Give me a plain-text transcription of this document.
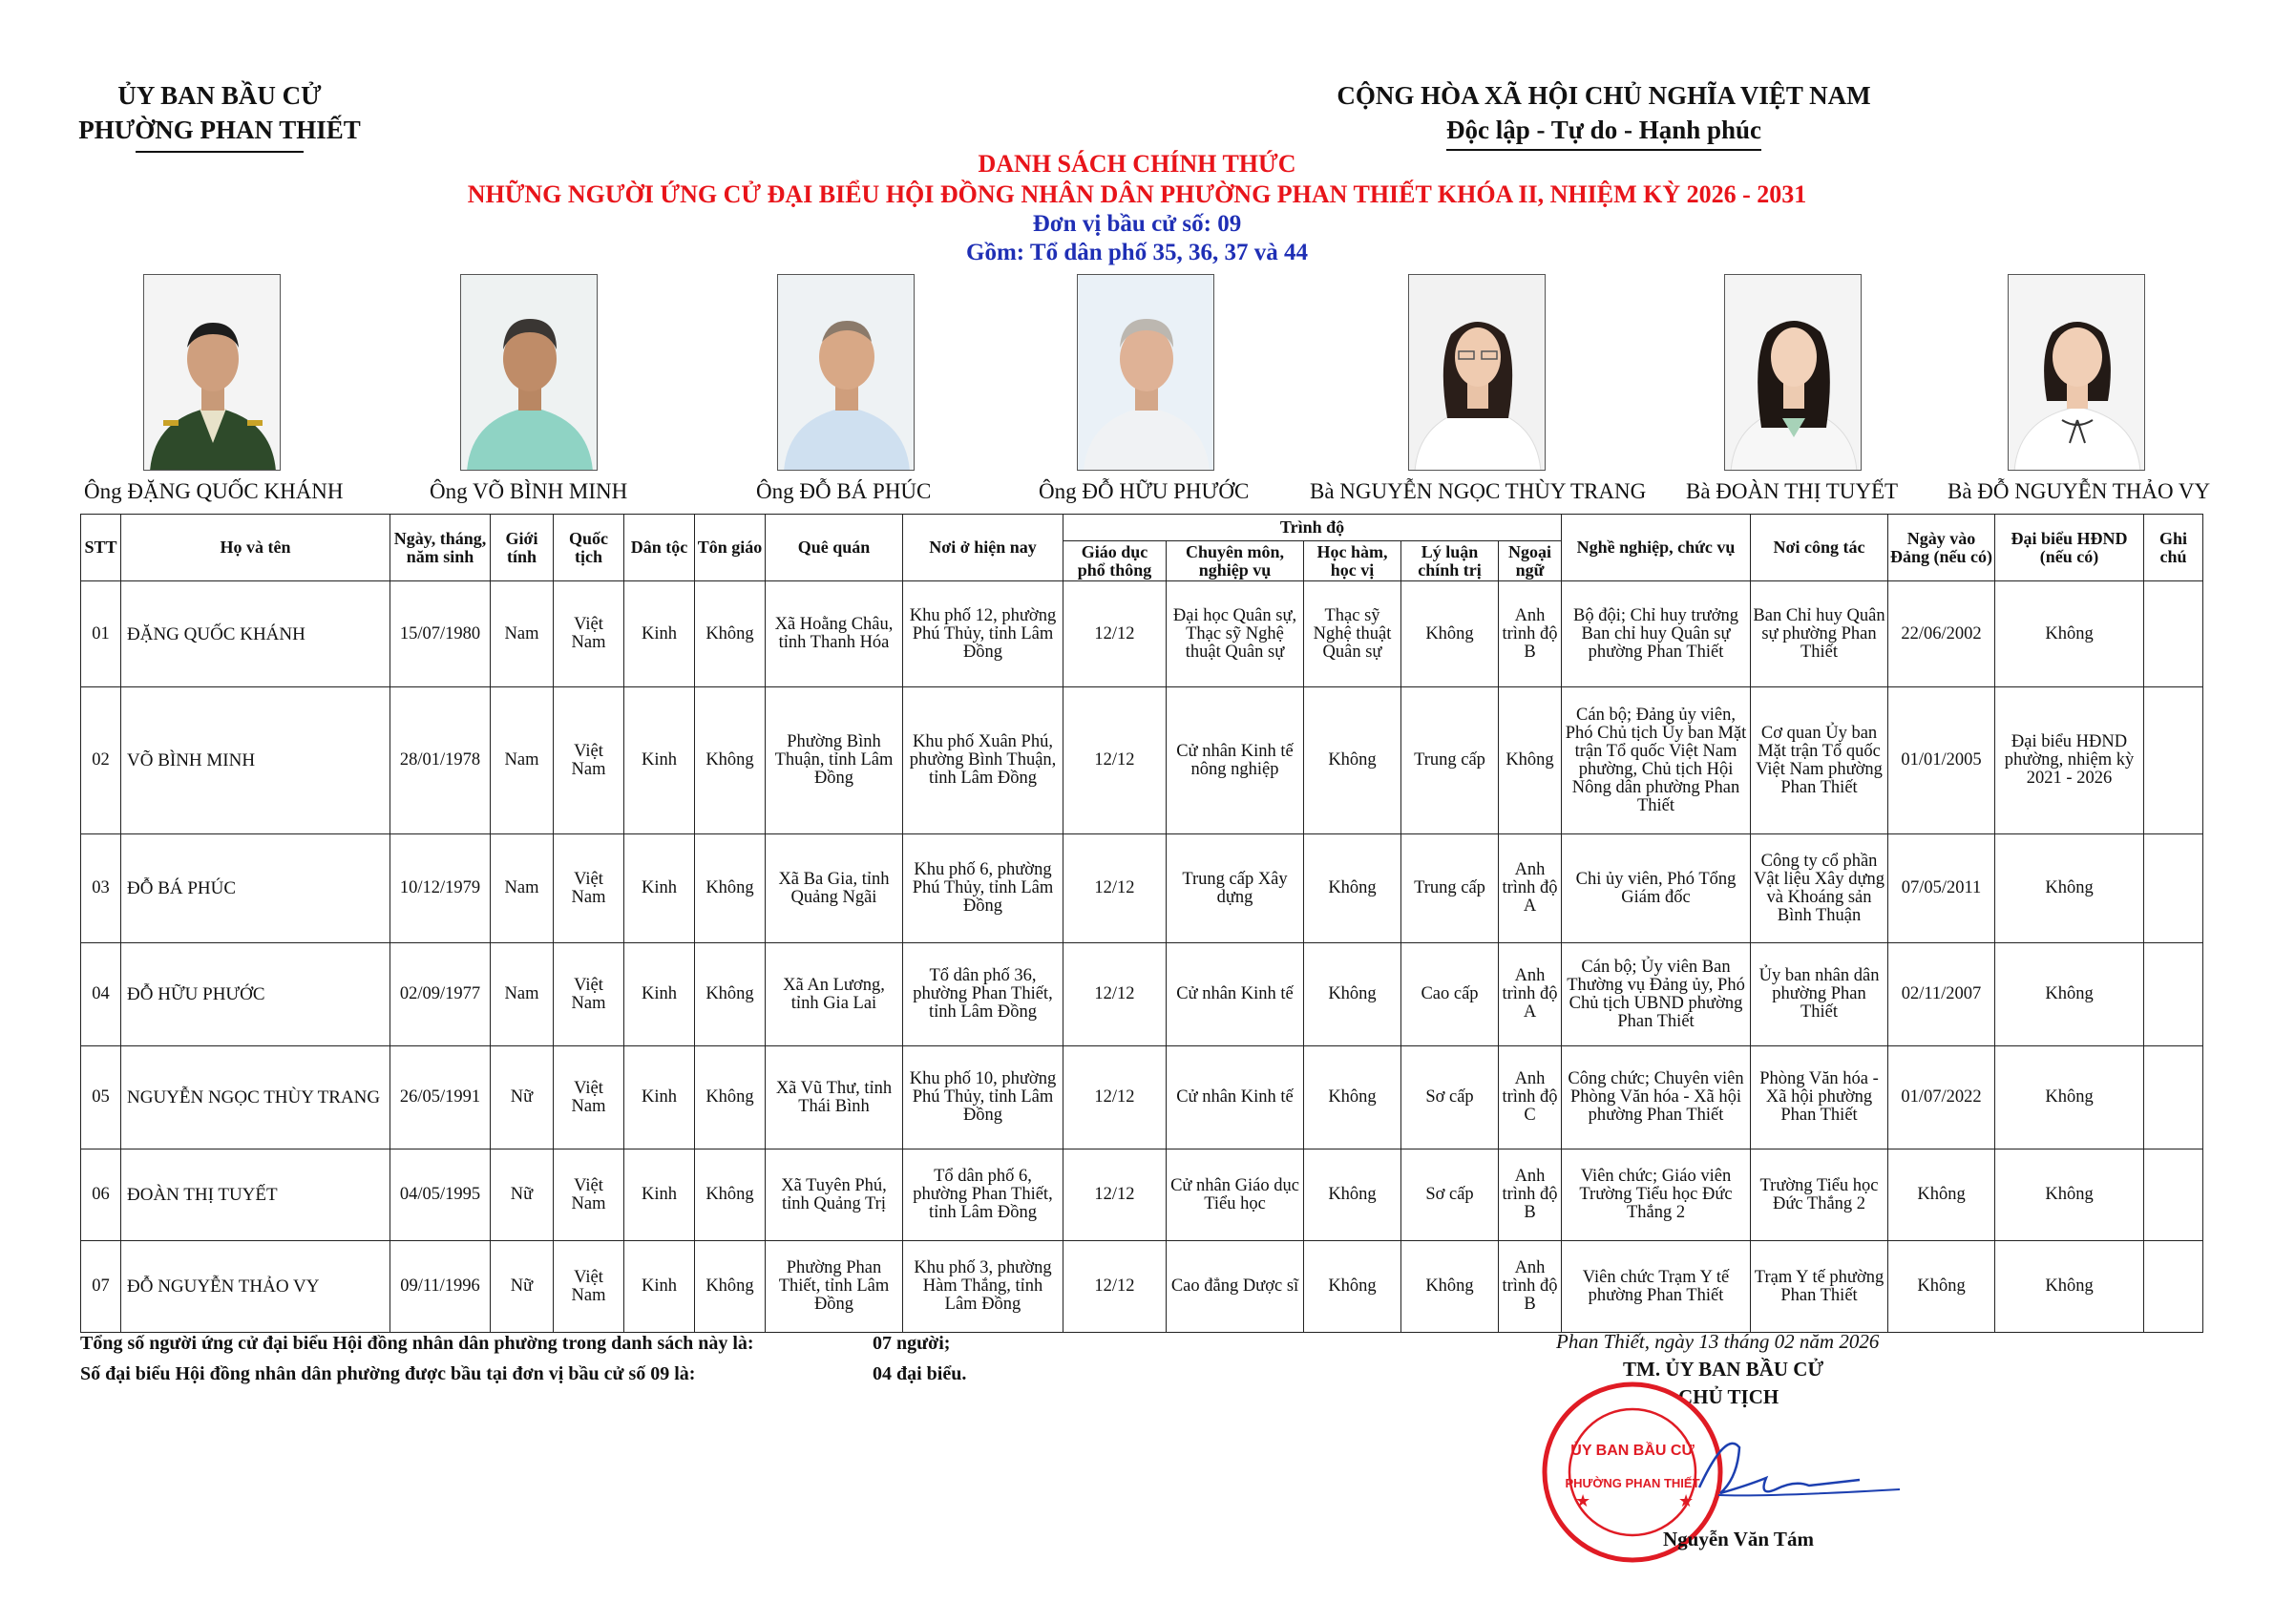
ỦY BAN BẦU CỬ
PHƯỜNG PHAN THIẾT
CỘNG HÒA XÃ HỘI CHỦ NGHĨA VIỆT NAM
Độc lập - Tự do - Hạnh phúc
DANH SÁCH CHÍNH THỨC
NHỮNG NGƯỜI ỨNG CỬ ĐẠI BIỂU HỘI ĐỒNG NHÂN DÂN PHƯỜNG PHAN THIẾT KHÓA II, NHIỆM KỲ 2026 - 2031
Đơn vị bầu cử số: 09
Gồm: Tổ dân phố 35, 36, 37 và 44
Ông ĐẶNG QUỐC KHÁNH	Ông VÕ BÌNH MINH	Ông ĐỖ BÁ PHÚC	Ông ĐỖ HỮU PHƯỚC	Bà NGUYỄN NGỌC THÙY TRANG Bà ĐOÀN THỊ TUYẾT Bà ĐỖ NGUYỄN THẢO VY
STT	Họ và tên	Ngày, tháng, năm sinh	Giới tính	Quốc tịch	Dân tộc	Tôn giáo	Quê quán	Nơi ở hiện nay	Trình độ					Nghề nghiệp, chức vụ	Nơi công tác	Ngày vào Đảng (nếu có)	Đại biểu HĐND (nếu có)	Ghi chú
									Giáo dục phổ thông	Chuyên môn, nghiệp vụ	Học hàm, học vị	Lý luận chính trị	Ngoại ngữ					
01	ĐẶNG QUỐC KHÁNH	15/07/1980	Nam	Việt Nam	Kinh	Không	Xã Hoằng Châu, tỉnh Thanh Hóa	Khu phố 12, phường Phú Thủy, tỉnh Lâm Đồng	12/12	Đại học Quân sự, Thạc sỹ Nghệ thuật Quân sự	Thạc sỹ Nghệ thuật Quân sự	Không	Anh trình độ B	Bộ đội; Chỉ huy trưởng Ban chỉ huy Quân sự phường Phan Thiết	Ban Chỉ huy Quân sự phường Phan Thiết	22/06/2002	Không	
02	VÕ BÌNH MINH	28/01/1978	Nam	Việt Nam	Kinh	Không	Phường Bình Thuận, tỉnh Lâm Đồng	Khu phố Xuân Phú, phường Bình Thuận, tỉnh Lâm Đồng	12/12	Cử nhân Kinh tế nông nghiệp	Không	Trung cấp	Không	Cán bộ; Đảng ủy viên, Phó Chủ tịch Ủy ban Mặt trận Tổ quốc Việt Nam phường, Chủ tịch Hội Nông dân phường Phan Thiết	Cơ quan Ủy ban Mặt trận Tổ quốc Việt Nam phường Phan Thiết	01/01/2005	Đại biểu HĐND phường, nhiệm kỳ 2021 - 2026	
03	ĐỖ BÁ PHÚC	10/12/1979	Nam	Việt Nam	Kinh	Không	Xã Ba Gia, tỉnh Quảng Ngãi	Khu phố 6, phường Phú Thủy, tỉnh Lâm Đồng	12/12	Trung cấp Xây dựng	Không	Trung cấp	Anh trình độ A	Chi ủy viên, Phó Tổng Giám đốc	Công ty cổ phần Vật liệu Xây dựng và Khoáng sản Bình Thuận	07/05/2011	Không	
04	ĐỖ HỮU PHƯỚC	02/09/1977	Nam	Việt Nam	Kinh	Không	Xã An Lương, tỉnh Gia Lai	Tổ dân phố 36, phường Phan Thiết, tỉnh Lâm Đồng	12/12	Cử nhân Kinh tế	Không	Cao cấp	Anh trình độ A	Cán bộ; Ủy viên Ban Thường vụ Đảng ủy, Phó Chủ tịch UBND phường Phan Thiết	Ủy ban nhân dân phường Phan Thiết	02/11/2007	Không	
05	NGUYỄN NGỌC THÙY TRANG	26/05/1991	Nữ	Việt Nam	Kinh	Không	Xã Vũ Thư, tỉnh Thái Bình	Khu phố 10, phường Phú Thủy, tỉnh Lâm Đồng	12/12	Cử nhân Kinh tế	Không	Sơ cấp	Anh trình độ C	Công chức; Chuyên viên Phòng Văn hóa - Xã hội phường Phan Thiết	Phòng Văn hóa - Xã hội phường Phan Thiết	01/07/2022	Không	
06	ĐOÀN THỊ TUYẾT	04/05/1995	Nữ	Việt Nam	Kinh	Không	Xã Tuyên Phú, tỉnh Quảng Trị	Tổ dân phố 6, phường Phan Thiết, tỉnh Lâm Đồng	12/12	Cử nhân Giáo dục Tiểu học	Không	Sơ cấp	Anh trình độ B	Viên chức; Giáo viên Trường Tiểu học Đức Thắng 2	Trường Tiểu học Đức Thắng 2	Không	Không	
07	ĐỖ NGUYỄN THẢO VY	09/11/1996	Nữ	Việt Nam	Kinh	Không	Phường Phan Thiết, tỉnh Lâm Đồng	Khu phố 3, phường Hàm Thắng, tỉnh Lâm Đồng	12/12	Cao đẳng Dược sĩ	Không	Không	Anh trình độ B	Viên chức Trạm Y tế phường Phan Thiết	Trạm Y tế phường Phan Thiết	Không	Không	
Tổng số người ứng cử đại biểu Hội đồng nhân dân phường trong danh sách này là:	07 người;
Số đại biểu Hội đồng nhân dân phường được bầu tại đơn vị bầu cử số 09 là:	04 đại biểu.
Phan Thiết, ngày 13 tháng 02 năm 2026
TM. ỦY BAN BẦU CỬ
CHỦ TỊCH
ỦY BAN BẦU CỬ
PHƯỜNG PHAN THIẾT
★	★
Nguyễn Văn Tám
